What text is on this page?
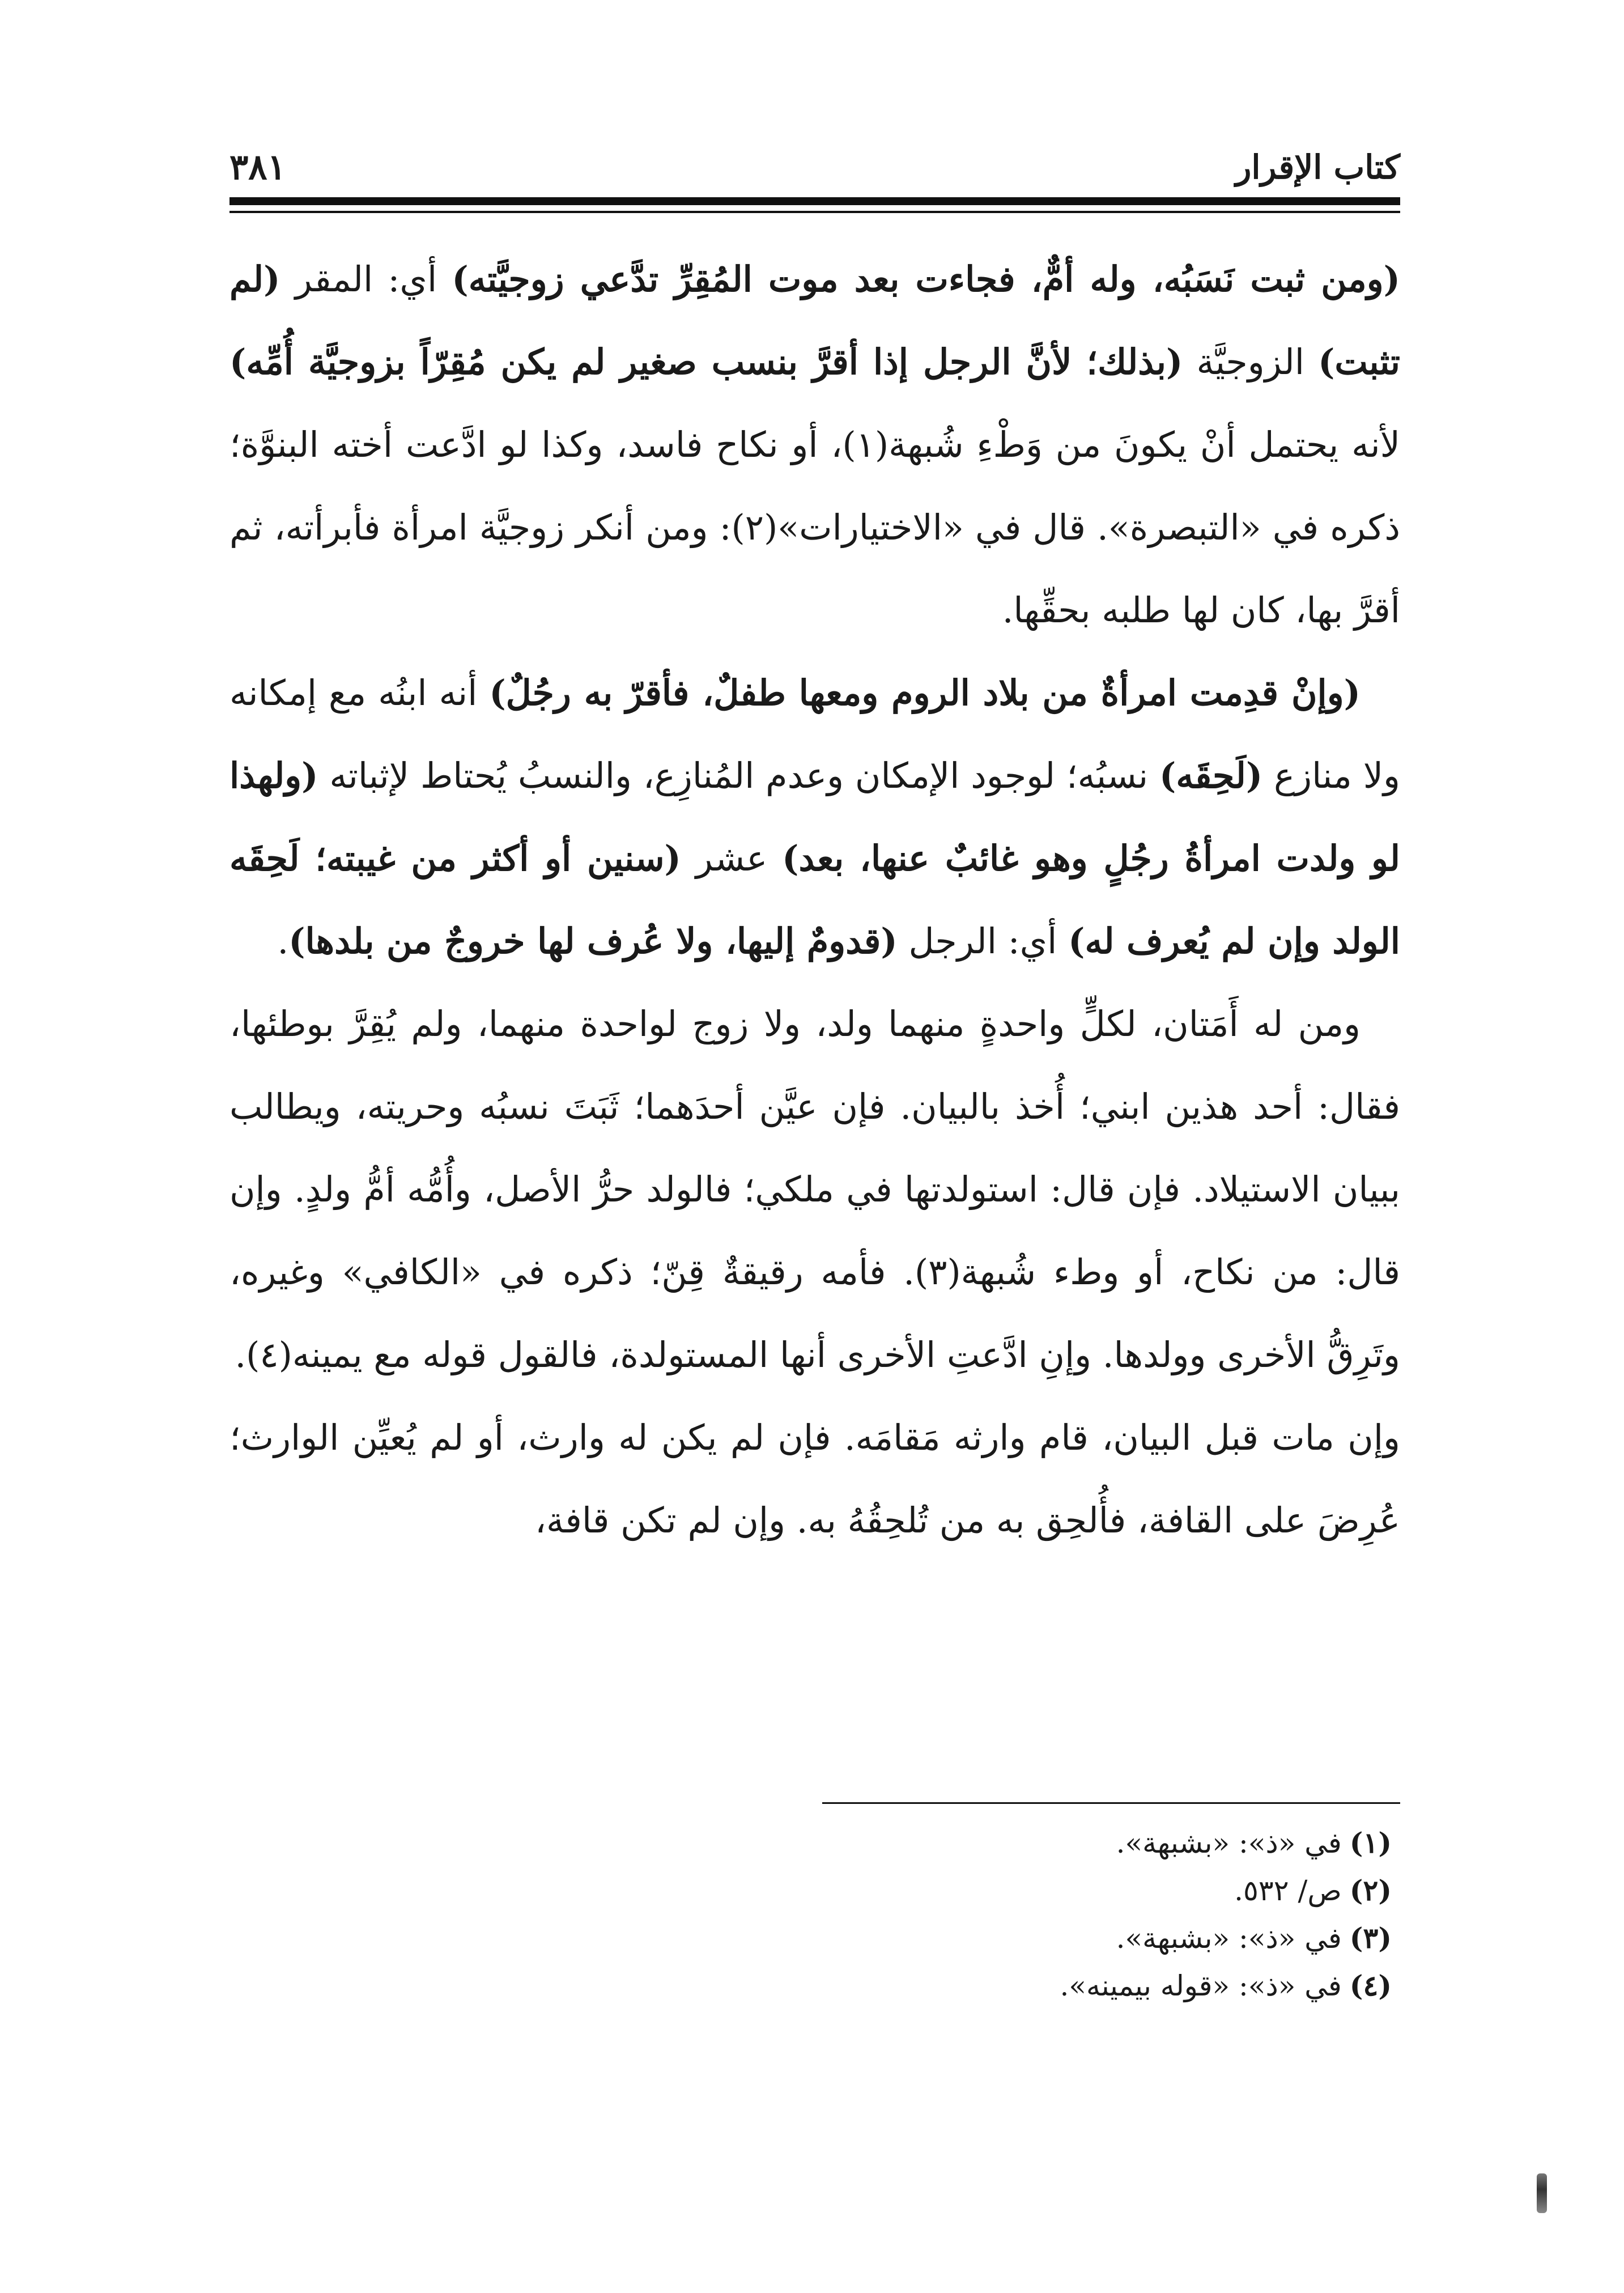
كتاب الإقرار
٣٨١

(ومن ثبت نَسَبُه، وله أمٌّ، فجاءت بعد موت المُقِرِّ تدَّعي زوجيَّته) أي: المقر (لم تثبت) الزوجيَّة (بذلك؛ لأنَّ الرجل إذا أقرَّ بنسب صغير لم يكن مُقِرّاً بزوجيَّة أُمِّه) لأنه يحتمل أنْ يكونَ من وَطْءِ شُبهة(١)، أو نكاح فاسد، وكذا لو ادَّعت أخته البنوَّة؛ ذكره في «التبصرة». قال في «الاختيارات»(٢): ومن أنكر زوجيَّة امرأة فأبرأته، ثم أقرَّ بها، كان لها طلبه بحقِّها.

(وإنْ قدِمت امرأةٌ من بلاد الروم ومعها طفلٌ، فأقرّ به رجُلٌ) أنه ابنُه مع إمكانه ولا منازع (لَحِقَه) نسبُه؛ لوجود الإمكان وعدم المُنازِع، والنسبُ يُحتاط لإثباته (ولهذا لو ولدت امرأةُ رجُلٍ وهو غائبٌ عنها، بعد) عشر (سنين أو أكثر من غيبته؛ لَحِقَه الولد وإن لم يُعرف له) أي: الرجل (قدومٌ إليها، ولا عُرف لها خروجٌ من بلدها).

ومن له أَمَتان، لكلٍّ واحدةٍ منهما ولد، ولا زوج لواحدة منهما، ولم يُقِرَّ بوطئها، فقال: أحد هذين ابني؛ أُخذ بالبيان. فإن عيَّن أحدَهما؛ ثَبَتَ نسبُه وحريته، ويطالب ببيان الاستيلاد. فإن قال: استولدتها في ملكي؛ فالولد حرُّ الأصل، وأُمُّه أمُّ ولدٍ. وإن قال: من نكاح، أو وطء شُبهة(٣). فأمه رقيقةٌ قِنّ؛ ذكره في «الكافي» وغيره، وتَرِقُّ الأخرى وولدها. وإنِ ادَّعتِ الأخرى أنها المستولدة، فالقول قوله مع يمينه(٤).

وإن مات قبل البيان، قام وارثه مَقامَه. فإن لم يكن له وارث، أو لم يُعيِّن الوارث؛ عُرِضَ على القافة، فأُلحِق به من تُلحِقُهُ به. وإن لم تكن قافة،

(١)في «ذ»: «بشبهة».

(٢)ص/ ٥٣٢.

(٣)في «ذ»: «بشبهة».

(٤)في «ذ»: «قوله بيمينه».
